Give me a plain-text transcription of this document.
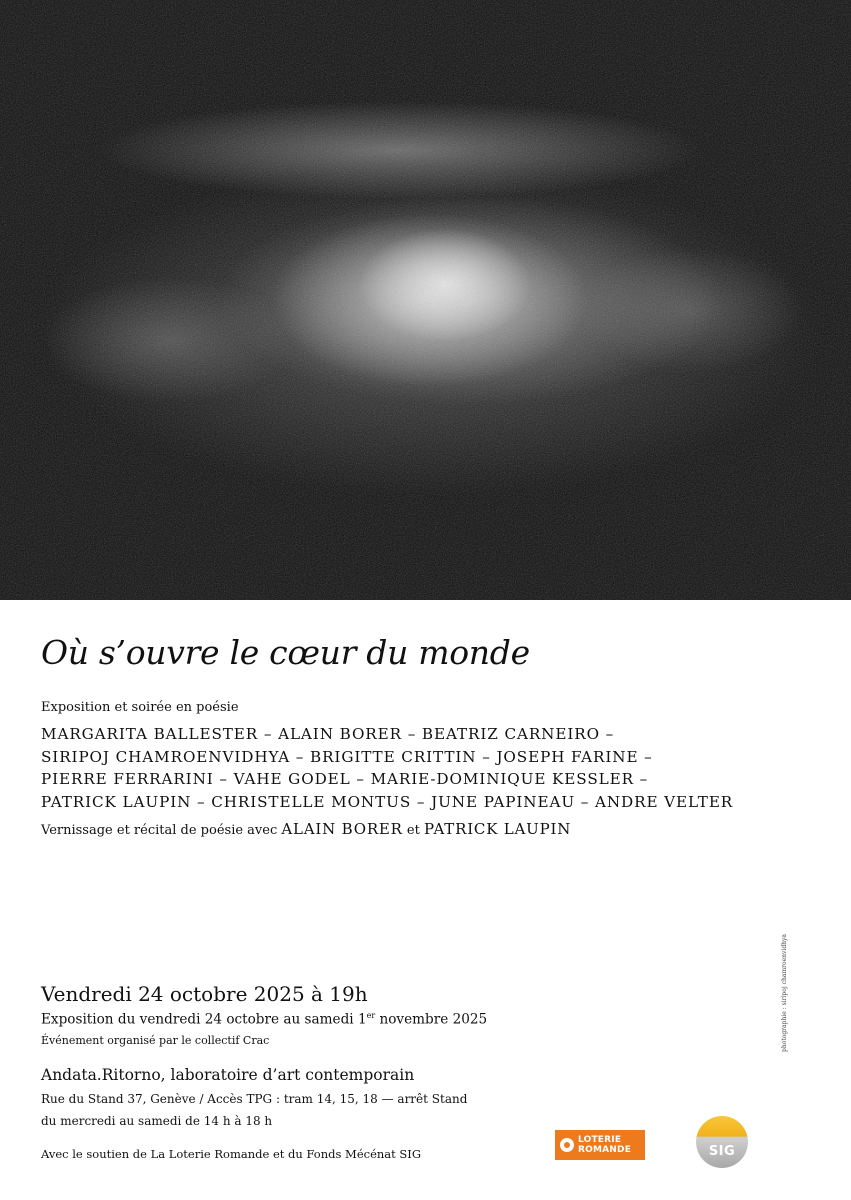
Où s’ouvre le cœur du monde
Exposition et soirée en poésie
MARGARITA BALLESTER – ALAIN BORER – BEATRIZ CARNEIRO –
SIRIPOJ CHAMROENVIDHYA – BRIGITTE CRITTIN – JOSEPH FARINE –
PIERRE FERRARINI – VAHE GODEL – MARIE-DOMINIQUE KESSLER –
PATRICK LAUPIN – CHRISTELLE MONTUS – JUNE PAPINEAU – ANDRE VELTER
Vernissage et récital de poésie avec ALAIN BORER et PATRICK LAUPIN
Vendredi 24 octobre 2025 à 19h
Exposition du vendredi 24 octobre au samedi 1er novembre 2025
Événement organisé par le collectif Crac
Andata.Ritorno, laboratoire d’art contemporain
Rue du Stand 37, Genève / Accès TPG : tram 14, 15, 18 — arrêt Stand
du mercredi au samedi de 14 h à 18 h
Avec le soutien de La Loterie Romande et du Fonds Mécénat SIG
LOTERIE
ROMANDE	SIG
photographie : siripoj chamroenvidhya
